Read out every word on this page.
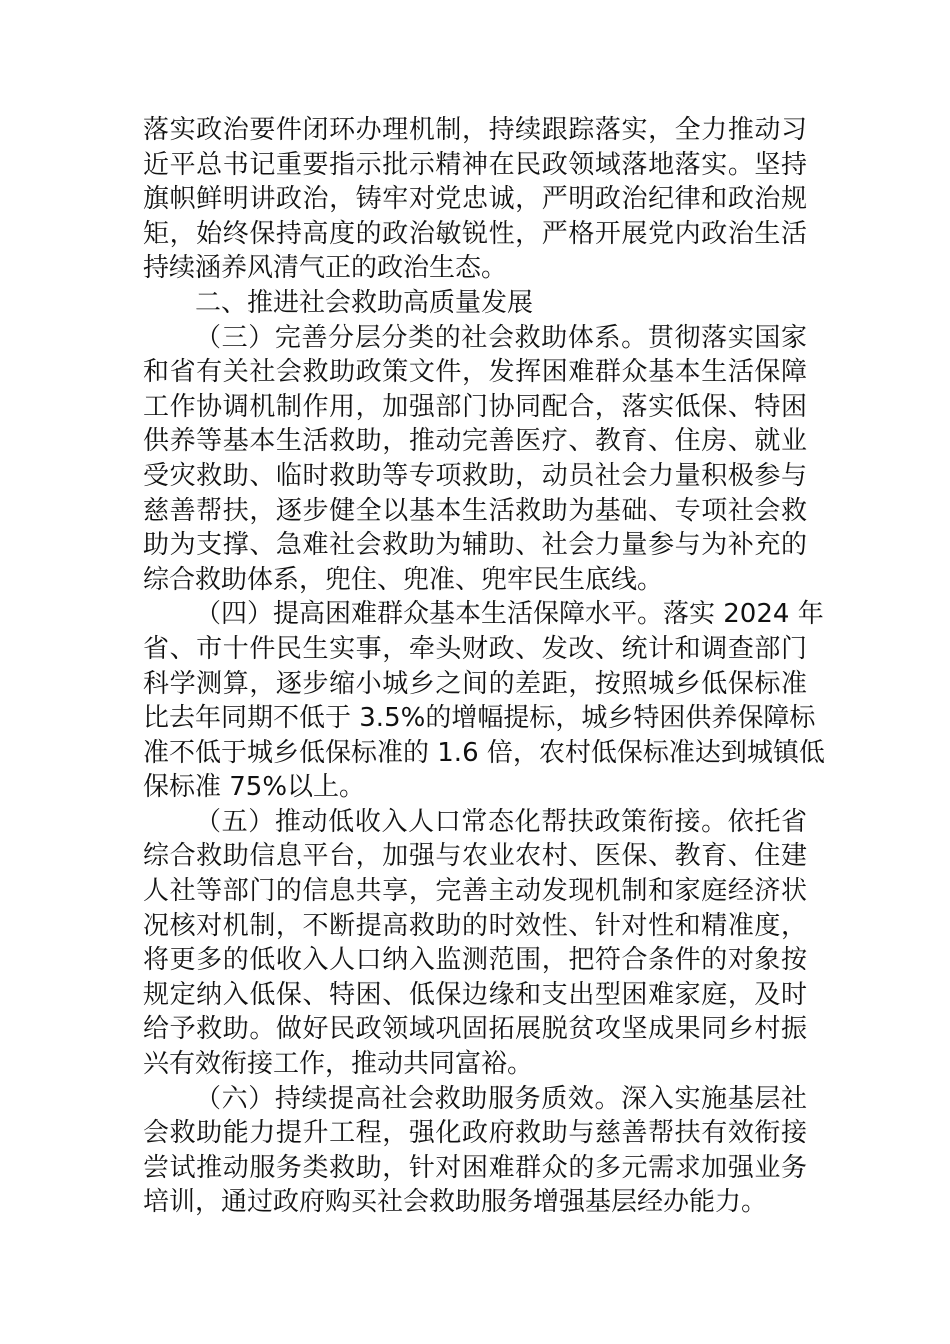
落实政治要件闭环办理机制，持续跟踪落实，全力推动习
近平总书记重要指示批示精神在民政领域落地落实。坚持
旗帜鲜明讲政治，铸牢对党忠诚，严明政治纪律和政治规
矩，始终保持高度的政治敏锐性，严格开展党内政治生活
持续涵养风清气正的政治生态。
二、推进社会救助高质量发展
（三）完善分层分类的社会救助体系。贯彻落实国家
和省有关社会救助政策文件，发挥困难群众基本生活保障
工作协调机制作用，加强部门协同配合，落实低保、特困
供养等基本生活救助，推动完善医疗、教育、住房、就业
受灾救助、临时救助等专项救助，动员社会力量积极参与
慈善帮扶，逐步健全以基本生活救助为基础、专项社会救
助为支撑、急难社会救助为辅助、社会力量参与为补充的
综合救助体系，兜住、兜准、兜牢民生底线。
（四）提高困难群众基本生活保障水平。落实 2024 年
省、市十件民生实事，牵头财政、发改、统计和调查部门
科学测算，逐步缩小城乡之间的差距，按照城乡低保标准
比去年同期不低于 3.5%的增幅提标，城乡特困供养保障标
准不低于城乡低保标准的 1.6 倍，农村低保标准达到城镇低
保标准 75%以上。
（五）推动低收入人口常态化帮扶政策衔接。依托省
综合救助信息平台，加强与农业农村、医保、教育、住建
人社等部门的信息共享，完善主动发现机制和家庭经济状
况核对机制，不断提高救助的时效性、针对性和精准度，
将更多的低收入人口纳入监测范围，把符合条件的对象按
规定纳入低保、特困、低保边缘和支出型困难家庭，及时
给予救助。做好民政领域巩固拓展脱贫攻坚成果同乡村振
兴有效衔接工作，推动共同富裕。
（六）持续提高社会救助服务质效。深入实施基层社
会救助能力提升工程，强化政府救助与慈善帮扶有效衔接
尝试推动服务类救助，针对困难群众的多元需求加强业务
培训，通过政府购买社会救助服务增强基层经办能力。
